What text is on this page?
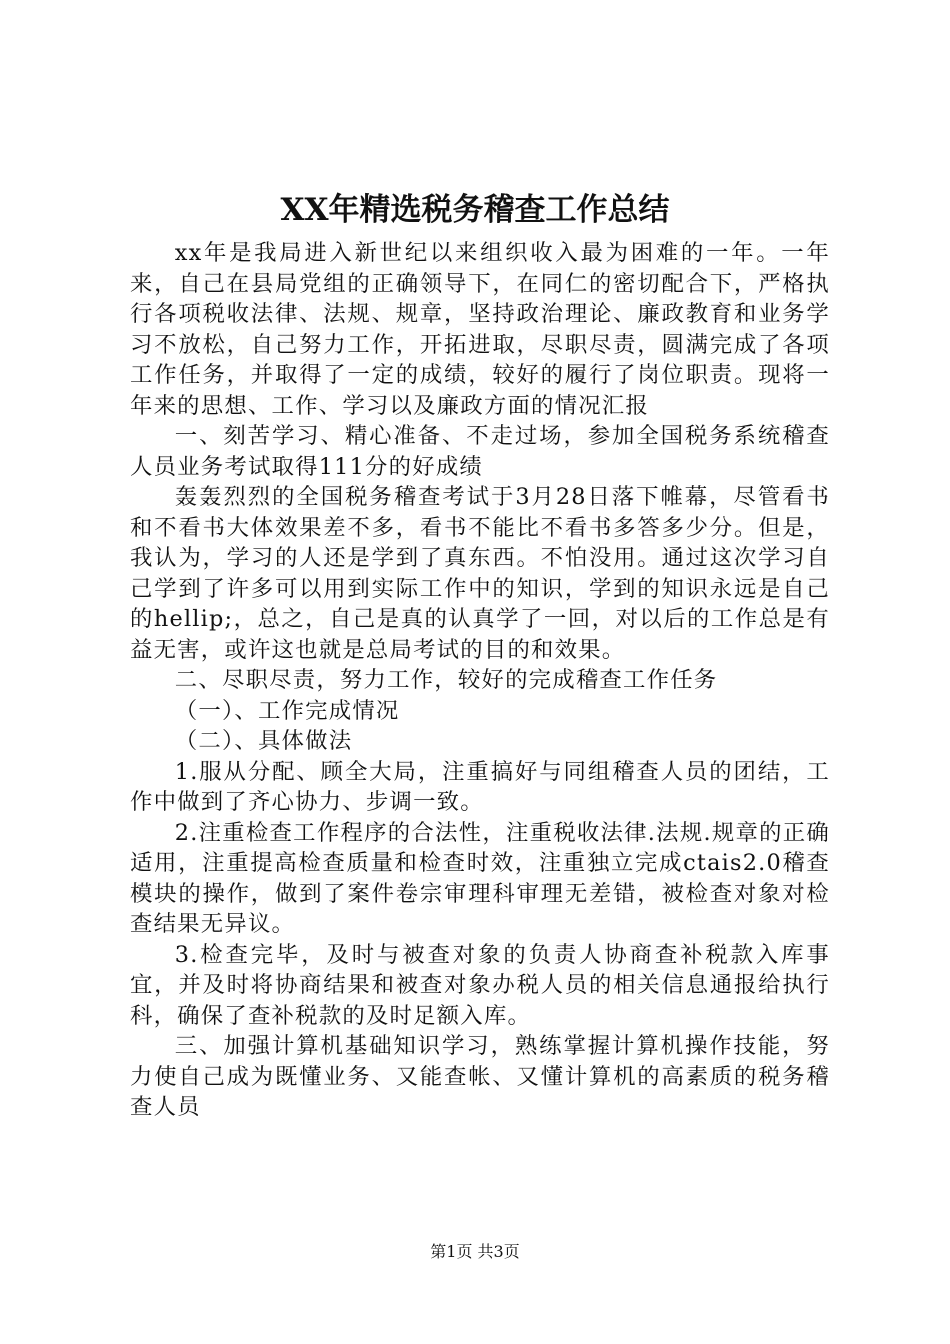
XX年精选税务稽查工作总结

xx年是我局进入新世纪以来组织收入最为困难的一年。一年来，自己在县局党组的正确领导下，在同仁的密切配合下，严格执行各项税收法律、法规、规章，坚持政治理论、廉政教育和业务学习不放松，自己努力工作，开拓进取，尽职尽责，圆满完成了各项工作任务，并取得了一定的成绩，较好的履行了岗位职责。现将一年来的思想、工作、学习以及廉政方面的情况汇报

一、刻苦学习、精心准备、不走过场，参加全国税务系统稽查人员业务考试取得111分的好成绩

轰轰烈烈的全国税务稽查考试于3月28日落下帷幕，尽管看书和不看书大体效果差不多，看书不能比不看书多答多少分。但是，我认为，学习的人还是学到了真东西。不怕没用。通过这次学习自己学到了许多可以用到实际工作中的知识，学到的知识永远是自己的hellip;，总之，自己是真的认真学了一回，对以后的工作总是有益无害，或许这也就是总局考试的目的和效果。

二、尽职尽责，努力工作，较好的完成稽查工作任务

（一）、工作完成情况

（二）、具体做法

1.服从分配、顾全大局，注重搞好与同组稽查人员的团结，工作中做到了齐心协力、步调一致。

2.注重检查工作程序的合法性，注重税收法律.法规.规章的正确适用，注重提高检查质量和检查时效，注重独立完成ctais2.0稽查模块的操作，做到了案件卷宗审理科审理无差错，被检查对象对检查结果无异议。

3.检查完毕，及时与被查对象的负责人协商查补税款入库事宜，并及时将协商结果和被查对象办税人员的相关信息通报给执行科，确保了查补税款的及时足额入库。

三、加强计算机基础知识学习，熟练掌握计算机操作技能，努力使自己成为既懂业务、又能查帐、又懂计算机的高素质的税务稽查人员

第1页 共3页
